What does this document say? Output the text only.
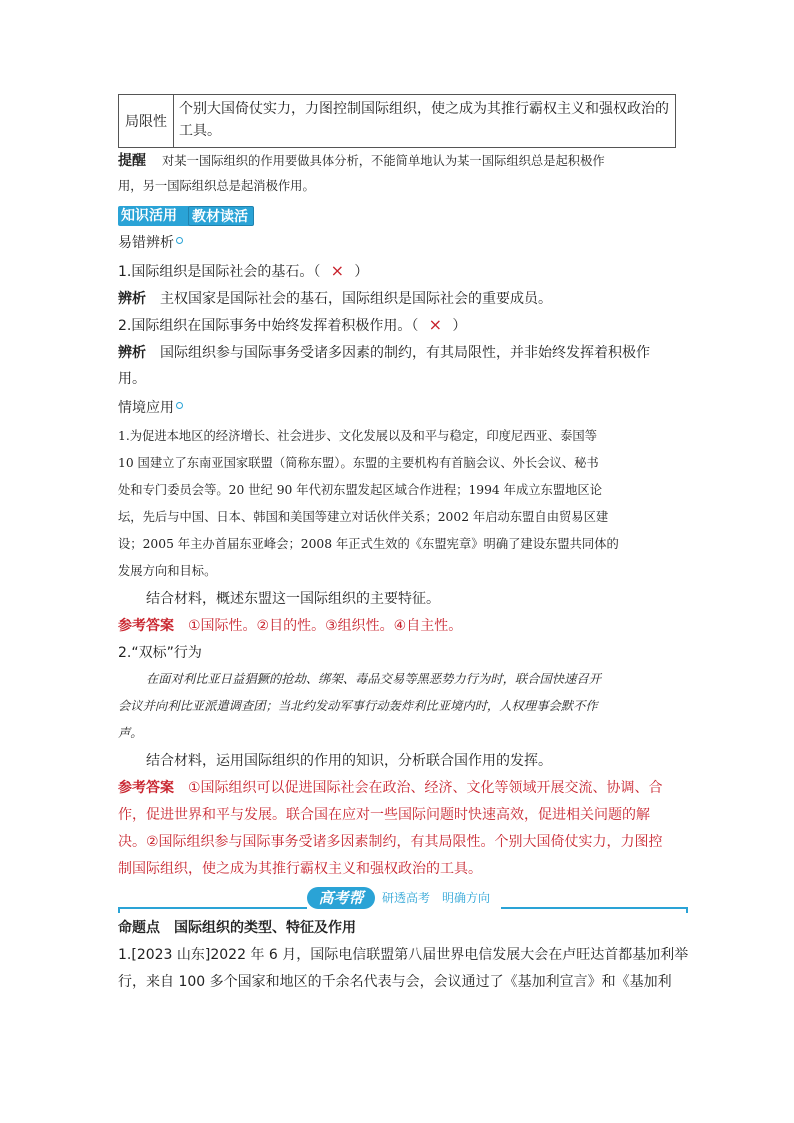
局限性
个别大国倚仗实力，力图控制国际组织，使之成为其推行霸权主义和强权政治的
工具。
提醒 对某一国际组织的作用要做具体分析，不能简单地认为某一国际组织总是起积极作
用，另一国际组织总是起消极作用。
知识活用	教材读活
易错辨析
1.国际组织是国际社会的基石。（ × ）
辨析 主权国家是国际社会的基石，国际组织是国际社会的重要成员。
2.国际组织在国际事务中始终发挥着积极作用。（ × ）
辨析 国际组织参与国际事务受诸多因素的制约，有其局限性，并非始终发挥着积极作
用。
情境应用
1.为促进本地区的经济增长、社会进步、文化发展以及和平与稳定，印度尼西亚、泰国等
10 国建立了东南亚国家联盟（简称东盟）。东盟的主要机构有首脑会议、外长会议、秘书
处和专门委员会等。20 世纪 90 年代初东盟发起区域合作进程；1994 年成立东盟地区论
坛，先后与中国、日本、韩国和美国等建立对话伙伴关系；2002 年启动东盟自由贸易区建
设；2005 年主办首届东亚峰会；2008 年正式生效的《东盟宪章》明确了建设东盟共同体的
发展方向和目标。
结合材料，概述东盟这一国际组织的主要特征。
参考答案 ①国际性。②目的性。③组织性。④自主性。
2.“双标”行为
在面对利比亚日益猖獗的抢劫、绑架、毒品交易等黑恶势力行为时，联合国快速召开
会议并向利比亚派遣调查团；当北约发动军事行动轰炸利比亚境内时，人权理事会默不作
声。
结合材料，运用国际组织的作用的知识，分析联合国作用的发挥。
参考答案 ①国际组织可以促进国际社会在政治、经济、文化等领域开展交流、协调、合
作，促进世界和平与发展。联合国在应对一些国际问题时快速高效，促进相关问题的解
决。②国际组织参与国际事务受诸多因素制约，有其局限性。个别大国倚仗实力，力图控
制国际组织，使之成为其推行霸权主义和强权政治的工具。
高考帮	研透高考　明确方向
命题点 国际组织的类型、特征及作用
1.[2023 山东]2022 年 6 月，国际电信联盟第八届世界电信发展大会在卢旺达首都基加利举
行，来自 100 多个国家和地区的千余名代表与会，会议通过了《基加利宣言》和《基加利
